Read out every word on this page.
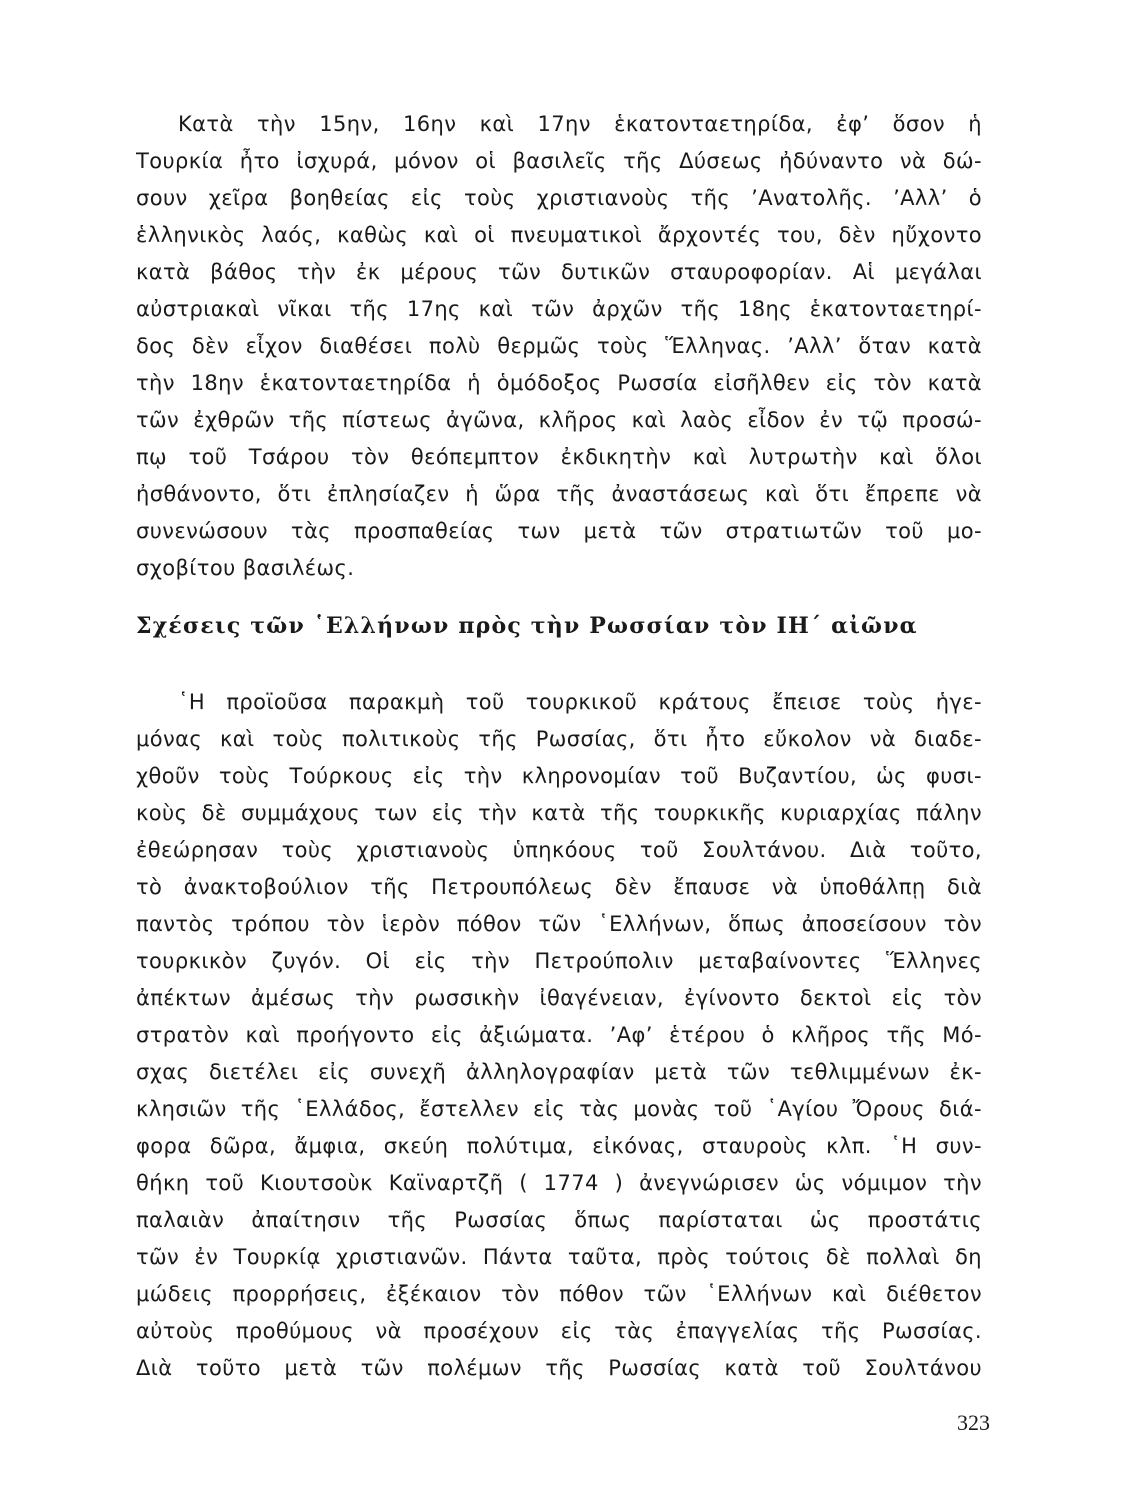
Κατὰ τὴν 15ην, 16ην καὶ 17ην ἑκατονταετηρίδα, ἐφ’ ὅσον ἡ
Τουρκία ἦτο ἰσχυρά, μόνον οἱ βασιλεῖς τῆς Δύσεως ἠδύναντο νὰ δώ-
σουν χεῖρα βοηθείας εἰς τοὺς χριστιανοὺς τῆς ’Ανατολῆς. ’Αλλ’ ὁ
ἑλληνικὸς λαός, καθὼς καὶ οἱ πνευματικοὶ ἄρχοντές του, δὲν ηὔχοντο
κατὰ βάθος τὴν ἐκ μέρους τῶν δυτικῶν σταυροφορίαν. Αἱ μεγάλαι
αὐστριακαὶ νῖκαι τῆς 17ης καὶ τῶν ἀρχῶν τῆς 18ης ἑκατονταετηρί-
δος δὲν εἶχον διαθέσει πολὺ θερμῶς τοὺς Ἕλληνας. ’Αλλ’ ὅταν κατὰ
τὴν 18ην ἑκατονταετηρίδα ἡ ὁμόδοξος Ρωσσία εἰσῆλθεν εἰς τὸν κατὰ
τῶν ἐχθρῶν τῆς πίστεως ἀγῶνα, κλῆρος καὶ λαὸς εἶδον ἐν τῷ προσώ-
πῳ τοῦ Τσάρου τὸν θεόπεμπτον ἐκδικητὴν καὶ λυτρωτὴν καὶ ὅλοι
ἠσθάνοντο, ὅτι ἐπλησίαζεν ἡ ὥρα τῆς ἀναστάσεως καὶ ὅτι ἔπρεπε νὰ
συνενώσουν τὰς προσπαθείας των μετὰ τῶν στρατιωτῶν τοῦ μο-
σχοβίτου βασιλέως.
Σχέσεις τῶν ῾Ελλήνων πρὸς τὴν Ρωσσίαν τὸν ΙΗ΄ αἰῶνα
῾Η προϊοῦσα παρακμὴ τοῦ τουρκικοῦ κράτους ἔπεισε τοὺς ἡγε-
μόνας καὶ τοὺς πολιτικοὺς τῆς Ρωσσίας, ὅτι ἦτο εὔκολον νὰ διαδε-
χθοῦν τοὺς Τούρκους εἰς τὴν κληρονομίαν τοῦ Βυζαντίου, ὡς φυσι-
κοὺς δὲ συμμάχους των εἰς τὴν κατὰ τῆς τουρκικῆς κυριαρχίας πάλην
ἐθεώρησαν τοὺς χριστιανοὺς ὑπηκόους τοῦ Σουλτάνου. Διὰ τοῦτο,
τὸ ἀνακτοβούλιον τῆς Πετρουπόλεως δὲν ἔπαυσε νὰ ὑποθάλπῃ διὰ
παντὸς τρόπου τὸν ἱερὸν πόθον τῶν ῾Ελλήνων, ὅπως ἀποσείσουν τὸν
τουρκικὸν ζυγόν. Οἱ εἰς τὴν Πετρούπολιν μεταβαίνοντες Ἕλληνες
ἀπέκτων ἀμέσως τὴν ρωσσικὴν ἰθαγένειαν, ἐγίνοντο δεκτοὶ εἰς τὸν
στρατὸν καὶ προήγοντο εἰς ἀξιώματα. ’Αφ’ ἑτέρου ὁ κλῆρος τῆς Μό-
σχας διετέλει εἰς συνεχῆ ἀλληλογραφίαν μετὰ τῶν τεθλιμμένων ἐκ-
κλησιῶν τῆς ῾Ελλάδος, ἔστελλεν εἰς τὰς μονὰς τοῦ ῾Αγίου Ὄρους διά-
φορα δῶρα, ἄμφια, σκεύη πολύτιμα, εἰκόνας, σταυροὺς κλπ. ῾Η συν-
θήκη τοῦ Κιουτσοὺκ Καϊναρτζῆ ( 1774 ) ἀνεγνώρισεν ὡς νόμιμον τὴν
παλαιὰν ἀπαίτησιν τῆς Ρωσσίας ὅπως παρίσταται ὡς προστάτις
τῶν ἐν Τουρκίᾳ χριστιανῶν. Πάντα ταῦτα, πρὸς τούτοις δὲ πολλαὶ δη
μώδεις προρρήσεις, ἐξέκαιον τὸν πόθον τῶν ῾Ελλήνων καὶ διέθετον
αὐτοὺς προθύμους νὰ προσέχουν εἰς τὰς ἐπαγγελίας τῆς Ρωσσίας.
Διὰ τοῦτο μετὰ τῶν πολέμων τῆς Ρωσσίας κατὰ τοῦ Σουλτάνου
323
